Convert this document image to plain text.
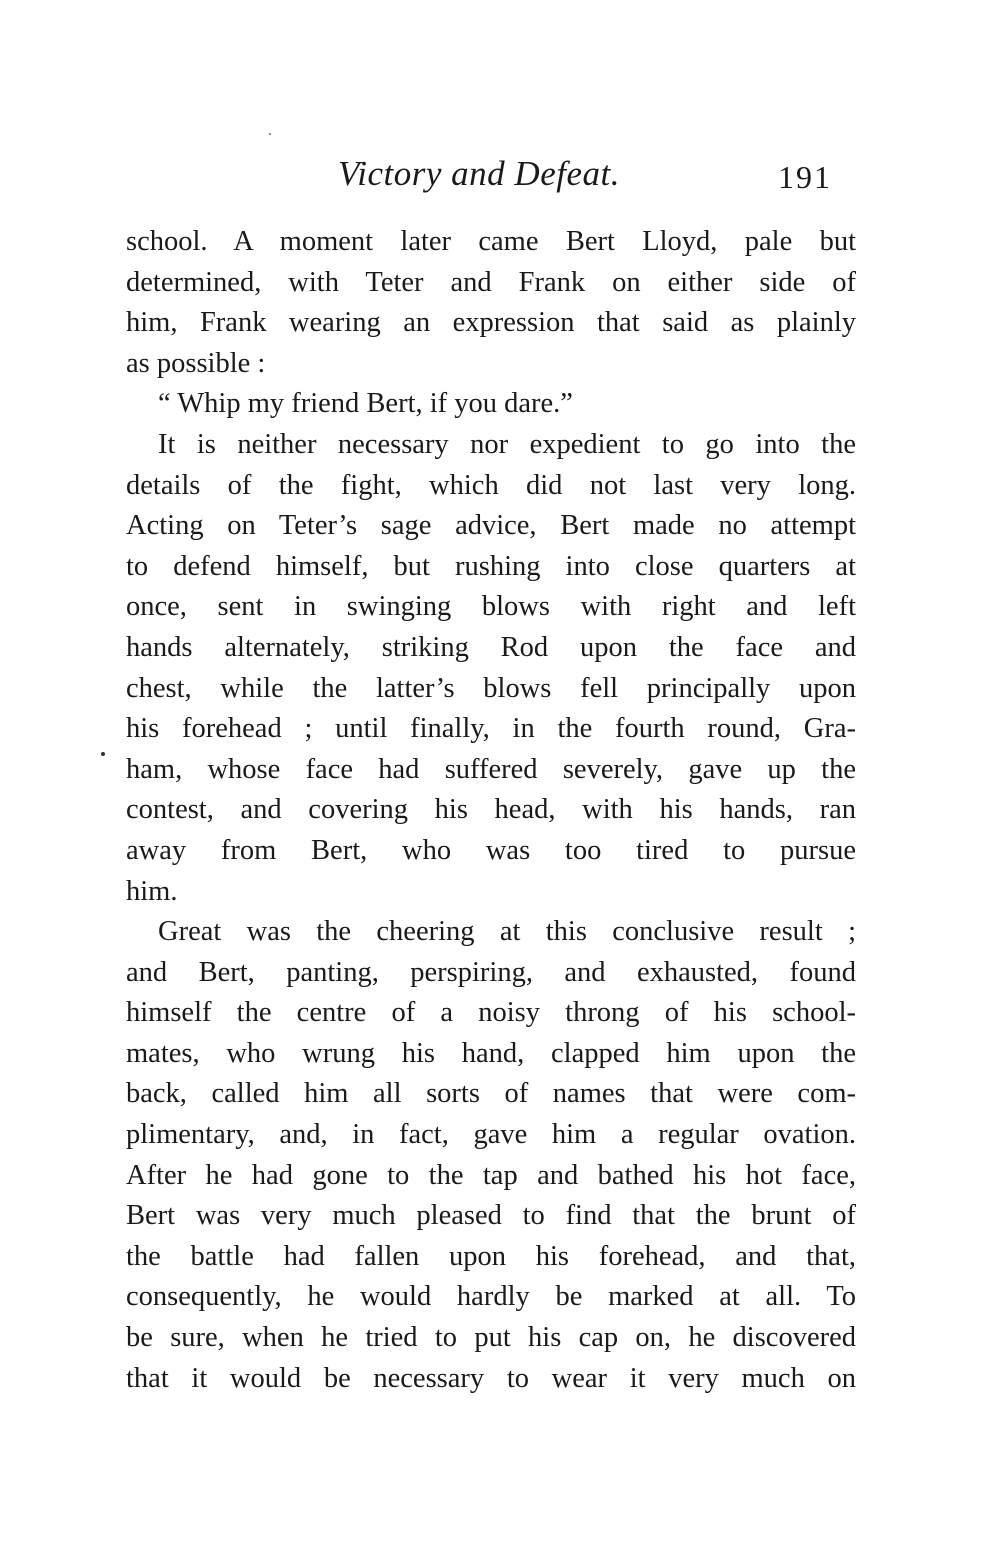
Victory and Defeat.	191
school. A moment later came Bert Lloyd, pale but
determined, with Teter and Frank on either side of
him, Frank wearing an expression that said as plainly
as possible :
“ Whip my friend Bert, if you dare.”
It is neither necessary nor expedient to go into the
details of the fight, which did not last very long.
Acting on Teter’s sage advice, Bert made no attempt
to defend himself, but rushing into close quarters at
once, sent in swinging blows with right and left
hands alternately, striking Rod upon the face and
chest, while the latter’s blows fell principally upon
his forehead ; until finally, in the fourth round, Gra-
ham, whose face had suffered severely, gave up the
contest, and covering his head, with his hands, ran
away from Bert, who was too tired to pursue
him.
Great was the cheering at this conclusive result ;
and Bert, panting, perspiring, and exhausted, found
himself the centre of a noisy throng of his school-
mates, who wrung his hand, clapped him upon the
back, called him all sorts of names that were com-
plimentary, and, in fact, gave him a regular ovation.
After he had gone to the tap and bathed his hot face,
Bert was very much pleased to find that the brunt of
the battle had fallen upon his forehead, and that,
consequently, he would hardly be marked at all. To
be sure, when he tried to put his cap on, he discovered
that it would be necessary to wear it very much on
